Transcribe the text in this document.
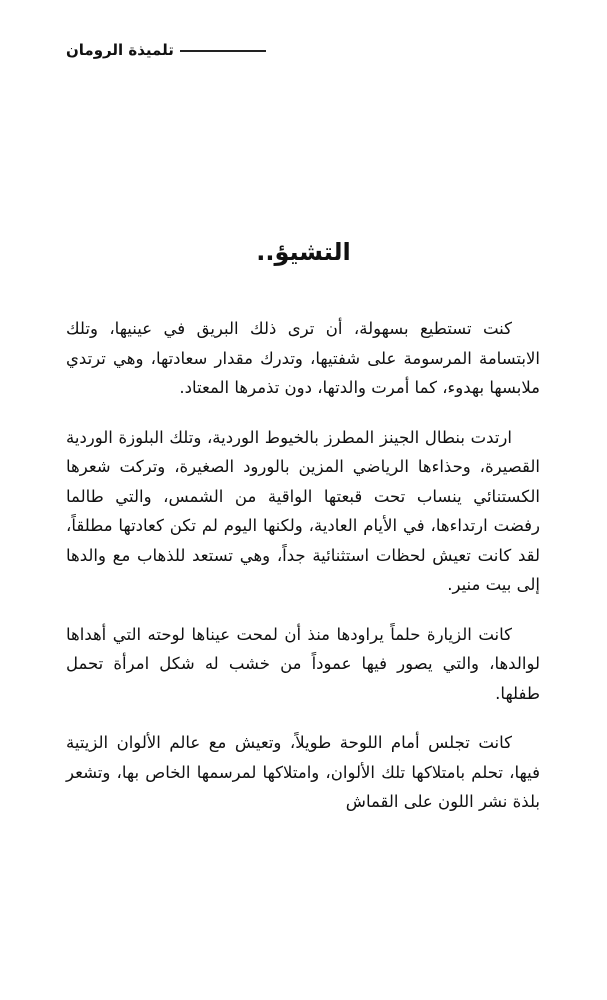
تلميذة الرومان
التشيؤ..

كنت تستطيع بسهولة، أن ترى ذلك البريق في عينيها، وتلك الابتسامة المرسومة على شفتيها، وتدرك مقدار سعادتها، وهي ترتدي ملابسها بهدوء، كما أمرت والدتها، دون تذمرها المعتاد.

ارتدت بنطال الجينز المطرز بالخيوط الوردية، وتلك البلوزة الوردية القصيرة، وحذاءها الرياضي المزين بالورود الصغيرة، وتركت شعرها الكستنائي ينساب تحت قبعتها الواقية من الشمس، والتي طالما رفضت ارتداءها، في الأيام العادية، ولكنها اليوم لم تكن كعادتها مطلقاً، لقد كانت تعيش لحظات استثنائية جداً، وهي تستعد للذهاب مع والدها إلى بيت منير.

كانت الزيارة حلماً يراودها منذ أن لمحت عيناها لوحته التي أهداها لوالدها، والتي يصور فيها عموداً من خشب له شكل امرأة تحمل طفلها.

كانت تجلس أمام اللوحة طويلاً، وتعيش مع عالم الألوان الزيتية فيها، تحلم بامتلاكها تلك الألوان، وامتلاكها لمرسمها الخاص بها، وتشعر بلذة نشر اللون على القماش
